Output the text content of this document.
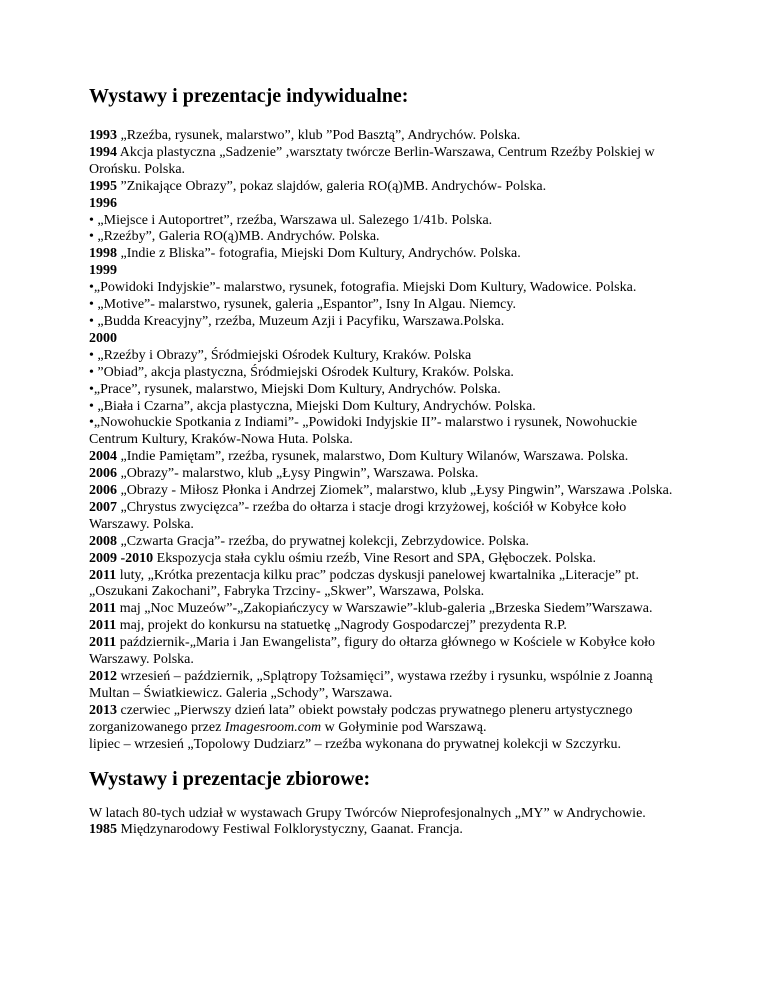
Wystawy i prezentacje indywidualne:

1993 „Rzeźba, rysunek, malarstwo”, klub ”Pod Basztą”, Andrychów. Polska.

1994 Akcja plastyczna „Sadzenie” ,warsztaty twórcze Berlin-Warszawa, Centrum Rzeźby Polskiej w Orońsku. Polska.

1995 ”Znikające Obrazy”, pokaz slajdów, galeria RO(ą)MB. Andrychów- Polska.

1996

• „Miejsce i Autoportret”, rzeźba, Warszawa ul. Salezego 1/41b. Polska.

• „Rzeźby”, Galeria RO(ą)MB. Andrychów. Polska.

1998 „Indie z Bliska”- fotografia, Miejski Dom Kultury, Andrychów. Polska.

1999

•„Powidoki Indyjskie”- malarstwo, rysunek, fotografia. Miejski Dom Kultury, Wadowice. Polska.

• „Motive”- malarstwo, rysunek, galeria „Espantor”, Isny In Algau. Niemcy.

• „Budda Kreacyjny”, rzeźba, Muzeum Azji i Pacyfiku, Warszawa.Polska.

2000

• „Rzeźby i Obrazy”, Śródmiejski Ośrodek Kultury, Kraków. Polska

• ”Obiad”, akcja plastyczna, Śródmiejski Ośrodek Kultury, Kraków. Polska.

•„Prace”, rysunek, malarstwo, Miejski Dom Kultury, Andrychów. Polska.

• „Biała i Czarna”, akcja plastyczna, Miejski Dom Kultury, Andrychów. Polska.

•„Nowohuckie Spotkania z Indiami”- „Powidoki Indyjskie II”- malarstwo i rysunek, Nowohuckie Centrum Kultury, Kraków-Nowa Huta. Polska.

2004 „Indie Pamiętam”, rzeźba, rysunek, malarstwo, Dom Kultury Wilanów, Warszawa. Polska.

2006 „Obrazy”- malarstwo, klub „Łysy Pingwin”, Warszawa. Polska.

2006 „Obrazy - Miłosz Płonka i Andrzej Ziomek”, malarstwo, klub „Łysy Pingwin”, Warszawa .Polska.

2007 „Chrystus zwycięzca”- rzeźba do ołtarza i stacje drogi krzyżowej, kościół w Kobyłce koło Warszawy. Polska.

2008 „Czwarta Gracja”- rzeźba, do prywatnej kolekcji, Zebrzydowice. Polska.

2009 -2010 Ekspozycja stała cyklu ośmiu rzeźb, Vine Resort and SPA, Głęboczek. Polska.

2011 luty, „Krótka prezentacja kilku prac” podczas dyskusji panelowej kwartalnika „Literacje” pt. „Oszukani Zakochani”, Fabryka Trzciny- „Skwer”, Warszawa, Polska.

2011 maj „Noc Muzeów”-„Zakopiańczycy w Warszawie”-klub-galeria „Brzeska Siedem”Warszawa.

2011 maj, projekt do konkursu na statuetkę „Nagrody Gospodarczej” prezydenta R.P.

2011 październik-„Maria i Jan Ewangelista”, figury do ołtarza głównego w Kościele w Kobyłce koło Warszawy. Polska.

2012 wrzesień – październik, „Splątropy Tożsamięci”, wystawa rzeźby i rysunku, wspólnie z Joanną Multan – Światkiewicz. Galeria „Schody”, Warszawa.

2013 czerwiec „Pierwszy dzień lata” obiekt powstały podczas prywatnego pleneru artystycznego zorganizowanego przez Imagesroom.com w Gołyminie pod Warszawą.

lipiec – wrzesień „Topolowy Dudziarz” – rzeźba wykonana do prywatnej kolekcji w Szczyrku.

Wystawy i prezentacje zbiorowe:

W latach 80-tych udział w wystawach Grupy Twórców Nieprofesjonalnych „MY” w Andrychowie.

1985 Międzynarodowy Festiwal Folklorystyczny, Gaanat. Francja.
